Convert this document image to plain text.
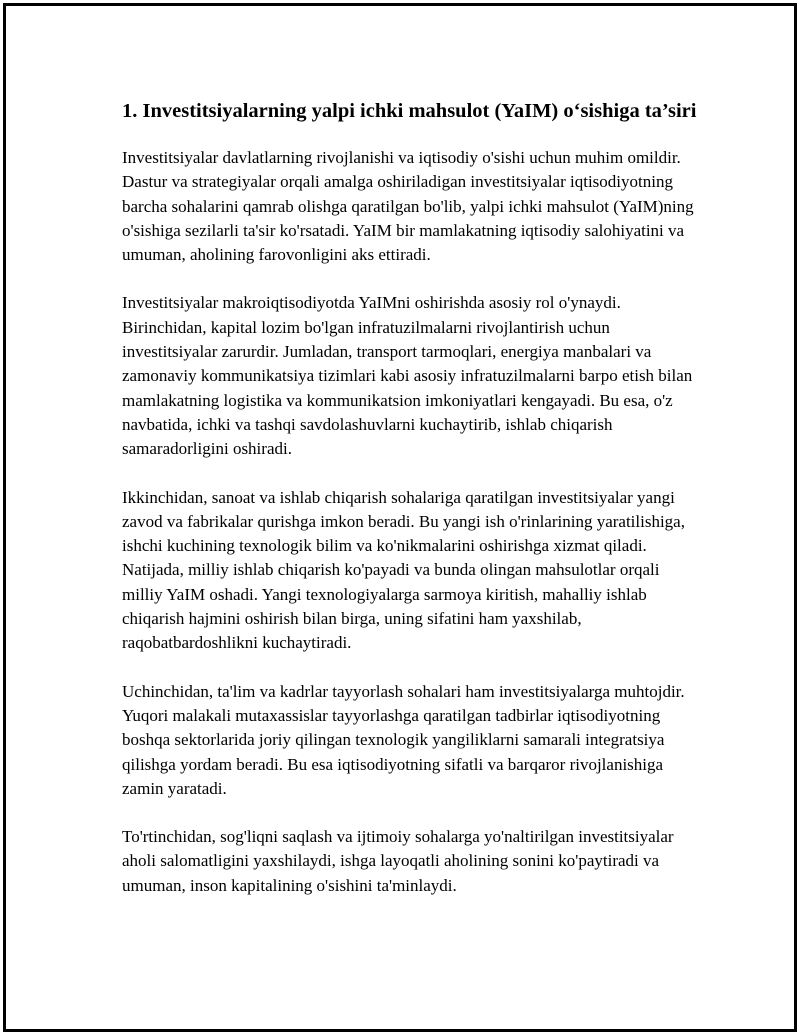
1. Investitsiyalarning yalpi ichki mahsulot (YaIM) o‘sishiga ta’siri

Investitsiyalar davlatlarning rivojlanishi va iqtisodiy o'sishi uchun muhim omildir. Dastur va strategiyalar orqali amalga oshiriladigan investitsiyalar iqtisodiyotning barcha sohalarini qamrab olishga qaratilgan bo'lib, yalpi ichki mahsulot (YaIM)ning o'sishiga sezilarli ta'sir ko'rsatadi. YaIM bir mamlakatning iqtisodiy salohiyatini va umuman, aholining farovonligini aks ettiradi.

Investitsiyalar makroiqtisodiyotda YaIMni oshirishda asosiy rol o'ynaydi. Birinchidan, kapital lozim bo'lgan infratuzilmalarni rivojlantirish uchun investitsiyalar zarurdir. Jumladan, transport tarmoqlari, energiya manbalari va zamonaviy kommunikatsiya tizimlari kabi asosiy infratuzilmalarni barpo etish bilan mamlakatning logistika va kommunikatsion imkoniyatlari kengayadi. Bu esa, o'z navbatida, ichki va tashqi savdolashuvlarni kuchaytirib, ishlab chiqarish samaradorligini oshiradi.

Ikkinchidan, sanoat va ishlab chiqarish sohalariga qaratilgan investitsiyalar yangi zavod va fabrikalar qurishga imkon beradi. Bu yangi ish o'rinlarining yaratilishiga, ishchi kuchining texnologik bilim va ko'nikmalarini oshirishga xizmat qiladi. Natijada, milliy ishlab chiqarish ko'payadi va bunda olingan mahsulotlar orqali milliy YaIM oshadi. Yangi texnologiyalarga sarmoya kiritish, mahalliy ishlab chiqarish hajmini oshirish bilan birga, uning sifatini ham yaxshilab, raqobatbardoshlikni kuchaytiradi.

Uchinchidan, ta'lim va kadrlar tayyorlash sohalari ham investitsiyalarga muhtojdir. Yuqori malakali mutaxassislar tayyorlashga qaratilgan tadbirlar iqtisodiyotning boshqa sektorlarida joriy qilingan texnologik yangiliklarni samarali integratsiya qilishga yordam beradi. Bu esa iqtisodiyotning sifatli va barqaror rivojlanishiga zamin yaratadi.

To'rtinchidan, sog'liqni saqlash va ijtimoiy sohalarga yo'naltirilgan investitsiyalar aholi salomatligini yaxshilaydi, ishga layoqatli aholining sonini ko'paytiradi va umuman, inson kapitalining o'sishini ta'minlaydi.
